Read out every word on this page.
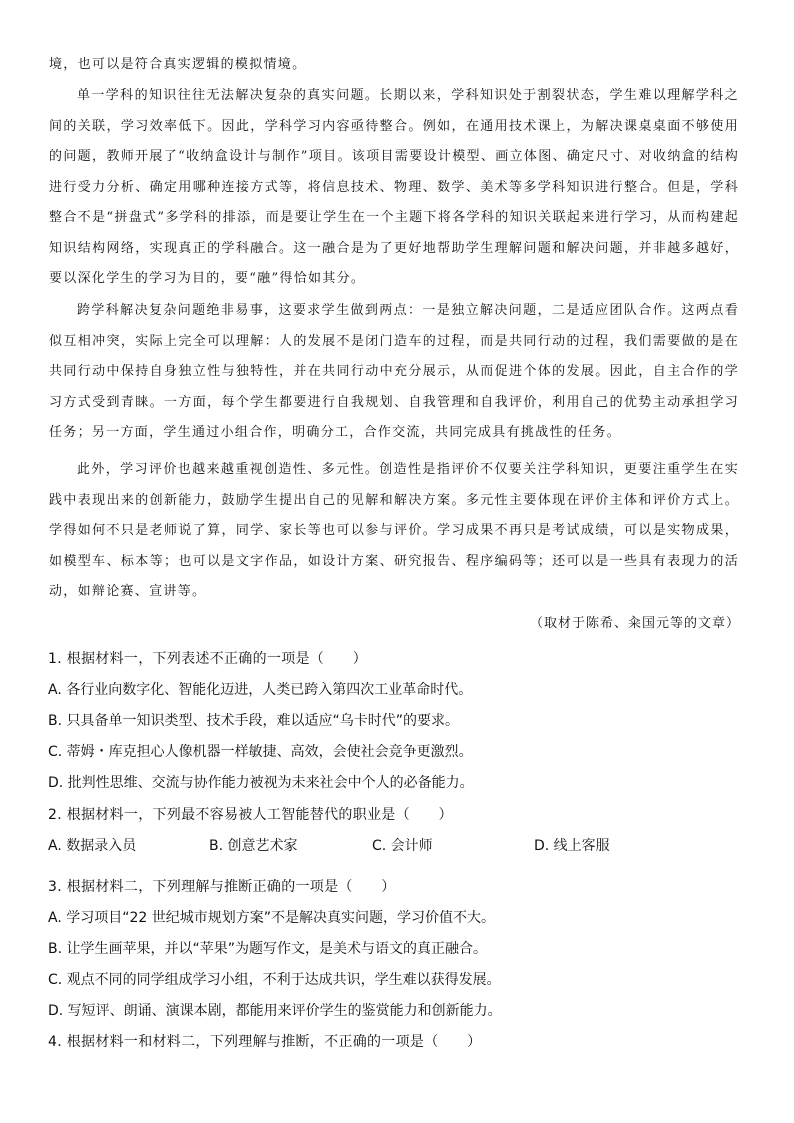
境，也可以是符合真实逻辑的模拟情境。

单一学科的知识往往无法解决复杂的真实问题。长期以来，学科知识处于割裂状态，学生难以理解学科之间的关联，学习效率低下。因此，学科学习内容亟待整合。例如，在通用技术课上，为解决课桌桌面不够使用的问题，教师开展了“收纳盒设计与制作”项目。该项目需要设计模型、画立体图、确定尺寸、对收纳盒的结构进行受力分析、确定用哪种连接方式等，将信息技术、物理、数学、美术等多学科知识进行整合。但是，学科整合不是“拼盘式”多学科的排添，而是要让学生在一个主题下将各学科的知识关联起来进行学习，从而构建起知识结构网络，实现真正的学科融合。这一融合是为了更好地帮助学生理解问题和解决问题，并非越多越好，要以深化学生的学习为目的，要“融”得恰如其分。

跨学科解决复杂问题绝非易事，这要求学生做到两点：一是独立解决问题，二是适应团队合作。这两点看似互相冲突，实际上完全可以理解：人的发展不是闭门造车的过程，而是共同行动的过程，我们需要做的是在共同行动中保持自身独立性与独特性，并在共同行动中充分展示，从而促进个体的发展。因此，自主合作的学习方式受到青睐。一方面，每个学生都要进行自我规划、自我管理和自我评价，利用自己的优势主动承担学习任务；另一方面，学生通过小组合作，明确分工，合作交流，共同完成具有挑战性的任务。

此外，学习评价也越来越重视创造性、多元性。创造性是指评价不仅要关注学科知识，更要注重学生在实践中表现出来的创新能力，鼓励学生提出自己的见解和解决方案。多元性主要体现在评价主体和评价方式上。学得如何不只是老师说了算，同学、家长等也可以参与评价。学习成果不再只是考试成绩，可以是实物成果，如模型车、标本等；也可以是文字作品，如设计方案、研究报告、程序编码等；还可以是一些具有表现力的活动，如辩论赛、宣讲等。

（取材于陈希、籴国元等的文章）
1. 根据材料一，下列表述不正确的一项是（　　）
A. 各行业向数字化、智能化迈进，人类已跨入第四次工业革命时代。
B. 只具备单一知识类型、技术手段，难以适应“乌卡时代”的要求。
C. 蒂姆・库克担心人像机器一样敏捷、高效，会使社会竞争更激烈。
D. 批判性思维、交流与协作能力被视为未来社会中个人的必备能力。
2. 根据材料一，下列最不容易被人工智能替代的职业是（　　）
A. 数据录入员	B. 创意艺术家	C. 会计师	D. 线上客服
3. 根据材料二，下列理解与推断正确的一项是（　　）
A. 学习项目“22 世纪城市规划方案”不是解决真实问题，学习价值不大。
B. 让学生画苹果，并以“苹果”为题写作文，是美术与语文的真正融合。
C. 观点不同的同学组成学习小组，不利于达成共识，学生难以获得发展。
D. 写短评、朗诵、演课本剧，都能用来评价学生的鉴赏能力和创新能力。
4. 根据材料一和材料二，下列理解与推断，不正确的一项是（　　）
